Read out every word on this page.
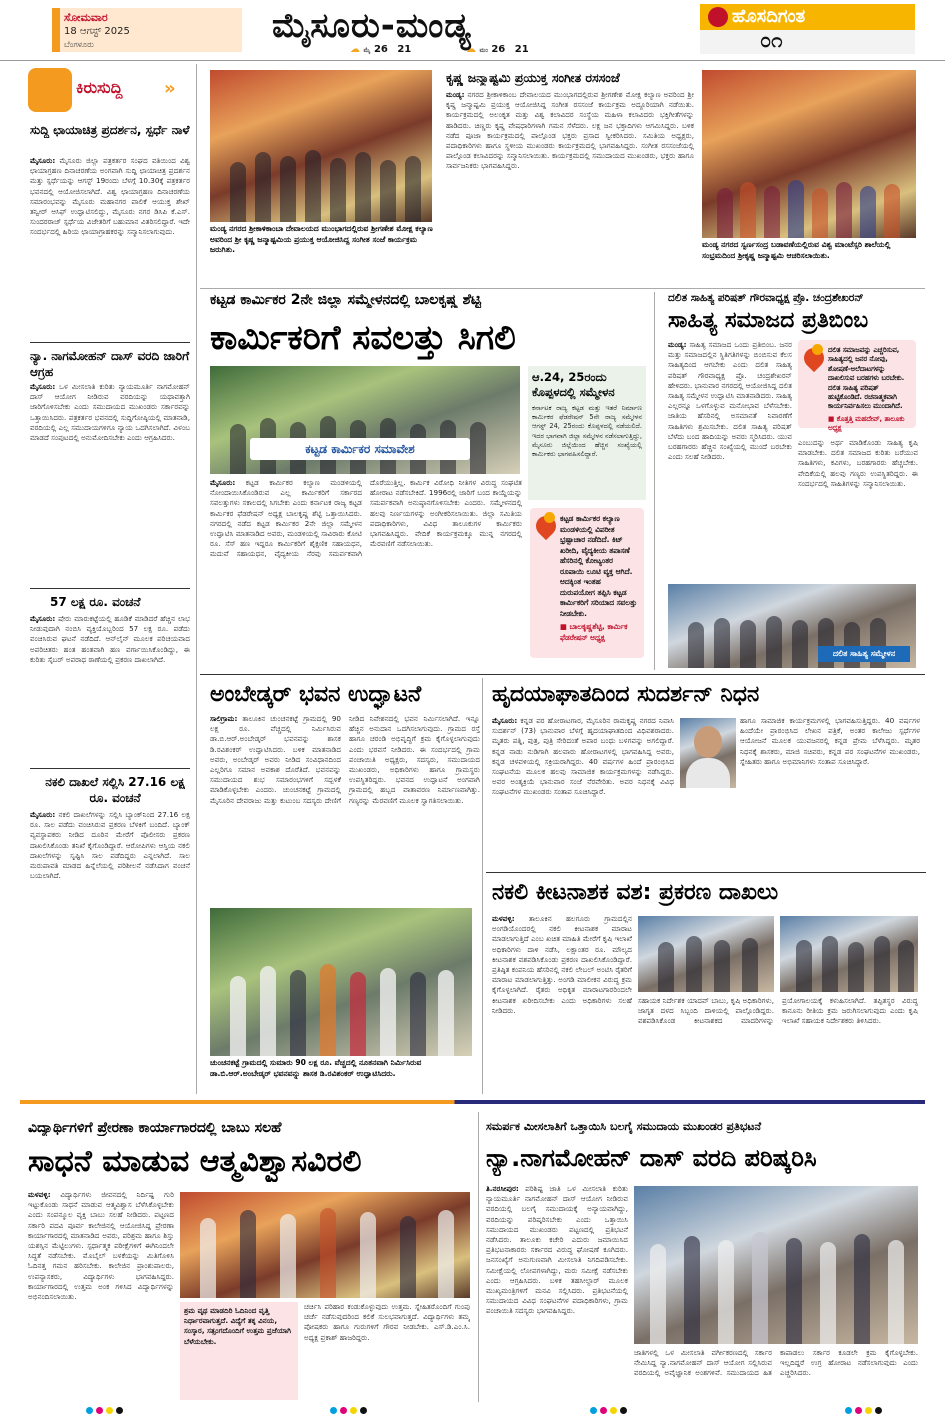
ಸೋಮವಾರ
18 ಆಗಸ್ಟ್ 2025
ಬೆಂಗಳೂರು	ಮೈಸೂರು-ಮಂಡ್ಯ
☁ ಮೈ 26 21	☁ ಮಂ 26 21
ಹೊಸದಿಗಂತ
೦೧
ಕಿರುಸುದ್ದಿ »
ಸುದ್ದಿ ಛಾಯಾಚಿತ್ರ ಪ್ರದರ್ಶನ, ಸ್ಪರ್ಧೆ ನಾಳೆ
ಮೈಸೂರು: ಮೈಸೂರು ಜಿಲ್ಲಾ ಪತ್ರಕರ್ತರ ಸಂಘದ ವತಿಯಿಂದ ವಿಶ್ವ ಛಾಯಾಗ್ರಹಣ ದಿನಾಚರಣೆಯ ಅಂಗವಾಗಿ ಸುದ್ದಿ ಛಾಯಾಚಿತ್ರ ಪ್ರದರ್ಶನ ಮತ್ತು ಸ್ಪರ್ಧೆಯನ್ನು ಆಗಸ್ಟ್ 19ರಂದು ಬೆಳಗ್ಗೆ 10.30ಕ್ಕೆ ಪತ್ರಕರ್ತರ ಭವನದಲ್ಲಿ ಆಯೋಜಿಸಲಾಗಿದೆ. ವಿಶ್ವ ಛಾಯಾಗ್ರಹಣ ದಿನಾಚರಣೆಯ ಸಮಾರಂಭವನ್ನು ಮೈಸೂರು ಮಹಾನಗರ ಪಾಲಿಕೆ ಆಯುಕ್ತ ಶೇಖ್ ತನ್ವೀರ್ ಆಸಿಫ್ ಉದ್ಘಾಟಿಸಲಿದ್ದು, ಮೈಸೂರು ನಗರ ಡಿಸಿಪಿ ಕೆ.ಎಸ್. ಸುಂದರರಾಜ್ ಸ್ಪರ್ಧೆಯ ವಿಜೇತರಿಗೆ ಬಹುಮಾನ ವಿತರಿಸಲಿದ್ದಾರೆ. ಇದೇ ಸಂದರ್ಭದಲ್ಲಿ ಹಿರಿಯ ಛಾಯಾಗ್ರಾಹಕರನ್ನು ಸನ್ಮಾನಿಸಲಾಗುವುದು.
ನ್ಯಾ. ನಾಗಮೋಹನ್ ದಾಸ್ ವರದಿ ಜಾರಿಗೆ ಆಗ್ರಹ
ಮೈಸೂರು: ಒಳ ಮೀಸಲಾತಿ ಕುರಿತು ನ್ಯಾಯಮೂರ್ತಿ ನಾಗಮೋಹನ್ ದಾಸ್ ಆಯೋಗ ನೀಡಿರುವ ವರದಿಯನ್ನು ಯಥಾವತ್ತಾಗಿ ಜಾರಿಗೊಳಿಸಬೇಕು ಎಂದು ಸಮುದಾಯದ ಮುಖಂಡರು ಸರ್ಕಾರವನ್ನು ಒತ್ತಾಯಿಸಿದರು. ಪತ್ರಕರ್ತರ ಭವನದಲ್ಲಿ ಸುದ್ದಿಗೋಷ್ಠಿಯಲ್ಲಿ ಮಾತನಾಡಿ, ವರದಿಯಲ್ಲಿ ಎಲ್ಲ ಸಮುದಾಯಗಳಿಗೂ ನ್ಯಾಯ ಒದಗಿಸಲಾಗಿದೆ. ವಿಳಂಬ ಮಾಡದೆ ಸಂಪುಟದಲ್ಲಿ ಅನುಮೋದಿಸಬೇಕು ಎಂದು ಆಗ್ರಹಿಸಿದರು.
57 ಲಕ್ಷ ರೂ. ವಂಚನೆ
ಮೈಸೂರು: ಷೇರು ಮಾರುಕಟ್ಟೆಯಲ್ಲಿ ಹೂಡಿಕೆ ಮಾಡಿದರೆ ಹೆಚ್ಚಿನ ಲಾಭ ನೀಡುವುದಾಗಿ ನಂಬಿಸಿ ವ್ಯಕ್ತಿಯೊಬ್ಬರಿಂದ 57 ಲಕ್ಷ ರೂ. ಪಡೆದು ವಂಚಿಸಿರುವ ಘಟನೆ ನಡೆದಿದೆ. ಆನ್‌ಲೈನ್ ಮೂಲಕ ಪರಿಚಯವಾದ ಅಪರಿಚಿತರು ಹಂತ ಹಂತವಾಗಿ ಹಣ ವರ್ಗಾಯಿಸಿಕೊಂಡಿದ್ದು, ಈ ಕುರಿತು ಸೈಬರ್ ಅಪರಾಧ ಠಾಣೆಯಲ್ಲಿ ಪ್ರಕರಣ ದಾಖಲಾಗಿದೆ.
ನಕಲಿ ದಾಖಲೆ ಸಲ್ಲಿಸಿ 27.16 ಲಕ್ಷ ರೂ. ವಂಚನೆ
ಮೈಸೂರು: ನಕಲಿ ದಾಖಲೆಗಳನ್ನು ಸಲ್ಲಿಸಿ ಬ್ಯಾಂಕ್‌ನಿಂದ 27.16 ಲಕ್ಷ ರೂ. ಸಾಲ ಪಡೆದು ವಂಚಿಸಿರುವ ಪ್ರಕರಣ ಬೆಳಕಿಗೆ ಬಂದಿದೆ. ಬ್ಯಾಂಕ್ ವ್ಯವಸ್ಥಾಪಕರು ನೀಡಿದ ದೂರಿನ ಮೇರೆಗೆ ಪೊಲೀಸರು ಪ್ರಕರಣ ದಾಖಲಿಸಿಕೊಂಡು ತನಿಖೆ ಕೈಗೊಂಡಿದ್ದಾರೆ. ಆರೋಪಿಗಳು ಆಸ್ತಿಯ ನಕಲಿ ದಾಖಲೆಗಳನ್ನು ಸೃಷ್ಟಿಸಿ ಸಾಲ ಪಡೆದಿದ್ದರು ಎನ್ನಲಾಗಿದೆ. ಸಾಲ ಮರುಪಾವತಿ ಮಾಡದ ಹಿನ್ನೆಲೆಯಲ್ಲಿ ಪರಿಶೀಲನೆ ನಡೆಸಿದಾಗ ವಂಚನೆ ಬಯಲಾಗಿದೆ.
ಮಂಡ್ಯ ನಗರದ ಶ್ರೀಕಾಳಿಕಾಂಬಾ ದೇವಾಲಯದ ಮುಂಭಾಗದಲ್ಲಿರುವ ಶ್ರೀಗಣೇಶ ಮೋಕ್ಷ ಕಲ್ಯಾಣ ಅವರಿಂದ ಶ್ರೀ ಕೃಷ್ಣ ಜನ್ಮಾಷ್ಟಮಿಯ ಪ್ರಯುಕ್ತ ಆಯೋಜಿಸಿದ್ದ ಸಂಗೀತ ಸಂಜೆ ಕಾರ್ಯಕ್ರಮ ಜರುಗಿತು.
ಕೃಷ್ಣ ಜನ್ಮಾಷ್ಟಮಿ ಪ್ರಯುಕ್ತ ಸಂಗೀತ ರಸಸಂಜೆ
ಮಂಡ್ಯ: ನಗರದ ಶ್ರೀಕಾಳಿಕಾಂಬ ದೇವಾಲಯದ ಮುಂಭಾಗದಲ್ಲಿರುವ ಶ್ರೀಗಣೇಶ ಮೋಕ್ಷ ಕಲ್ಯಾಣ ಅವರಿಂದ ಶ್ರೀ ಕೃಷ್ಣ ಜನ್ಮಾಷ್ಟಮಿ ಪ್ರಯುಕ್ತ ಆಯೋಜಿಸಿದ್ದ ಸಂಗೀತ ರಸಸಂಜೆ ಕಾರ್ಯಕ್ರಮ ಅದ್ದೂರಿಯಾಗಿ ನಡೆಯಿತು. ಕಾರ್ಯಕ್ರಮದಲ್ಲಿ ಅಲಂಕೃತ ಮತ್ತು ವಿಶ್ವ ಕಲಾವಿದರ ಸಂಸ್ಥೆಯ ಮಹಿಳಾ ಕಲಾವಿದರು ಭಕ್ತಿಗೀತೆಗಳನ್ನು ಹಾಡಿದರು. ಚಿಣ್ಣರು ಕೃಷ್ಣ ವೇಷಧಾರಿಗಳಾಗಿ ಗಮನ ಸೆಳೆದರು. ಲಕ್ಷ ಜನ ಭಕ್ತಾದಿಗಳು ಆಗಮಿಸಿದ್ದರು. ಬಳಿಕ ನಡೆದ ಪೂಜಾ ಕಾರ್ಯಕ್ರಮದಲ್ಲಿ ಪಾಲ್ಗೊಂಡ ಭಕ್ತರು ಪ್ರಸಾದ ಸ್ವೀಕರಿಸಿದರು. ಸಮಿತಿಯ ಅಧ್ಯಕ್ಷರು, ಪದಾಧಿಕಾರಿಗಳು ಹಾಗೂ ಸ್ಥಳೀಯ ಮುಖಂಡರು ಕಾರ್ಯಕ್ರಮದಲ್ಲಿ ಭಾಗವಹಿಸಿದ್ದರು. ಸಂಗೀತ ರಸಸಂಜೆಯಲ್ಲಿ ಪಾಲ್ಗೊಂಡ ಕಲಾವಿದರನ್ನು ಸನ್ಮಾನಿಸಲಾಯಿತು. ಕಾರ್ಯಕ್ರಮದಲ್ಲಿ ಸಮುದಾಯದ ಮುಖಂಡರು, ಭಕ್ತರು ಹಾಗೂ ಸಾರ್ವಜನಿಕರು ಭಾಗವಹಿಸಿದ್ದರು.
ಮಂಡ್ಯ ನಗರದ ಸ್ವರ್ಣಸಂದ್ರ ಬಡಾವಣೆಯಲ್ಲಿರುವ ವಿಶ್ವ ಮಾಂಟೆಸ್ಸರಿ ಶಾಲೆಯಲ್ಲಿ ಸಂಭ್ರಮದಿಂದ ಶ್ರೀಕೃಷ್ಣ ಜನ್ಮಾಷ್ಟಮಿ ಆಚರಿಸಲಾಯಿತು.
ಕಟ್ಟಡ ಕಾರ್ಮಿಕರ 2ನೇ ಜಿಲ್ಲಾ ಸಮ್ಮೇಳನದಲ್ಲಿ ಬಾಲಕೃಷ್ಣ ಶೆಟ್ಟಿ
ಕಾರ್ಮಿಕರಿಗೆ ಸವಲತ್ತು ಸಿಗಲಿ
ಕಟ್ಟಡ ಕಾರ್ಮಿಕರ ಸಮಾವೇಶ
ಆ.24, 25ರಂದು ಕೊಪ್ಪಳದಲ್ಲಿ ಸಮ್ಮೇಳನ
ಕರ್ನಾಟಕ ರಾಜ್ಯ ಕಟ್ಟಡ ಮತ್ತು ಇತರೆ ನಿರ್ಮಾಣ ಕಾರ್ಮಿಕರ ಫೆಡರೇಷನ್ 5ನೇ ರಾಜ್ಯ ಸಮ್ಮೇಳನ ಆಗಸ್ಟ್ 24, 25ರಂದು ಕೊಪ್ಪಳದಲ್ಲಿ ನಡೆಯಲಿದೆ. ಇದರ ಭಾಗವಾಗಿ ಜಿಲ್ಲಾ ಸಮ್ಮೇಳನ ನಡೆಸಲಾಗುತ್ತಿದ್ದು, ಮೈಸೂರು ಜಿಲ್ಲೆಯಿಂದ ಹೆಚ್ಚಿನ ಸಂಖ್ಯೆಯಲ್ಲಿ ಕಾರ್ಮಿಕರು ಭಾಗವಹಿಸಲಿದ್ದಾರೆ.
ಮೈಸೂರು: ಕಟ್ಟಡ ಕಾರ್ಮಿಕರ ಕಲ್ಯಾಣ ಮಂಡಳಿಯಲ್ಲಿ ನೋಂದಾಯಿಸಿಕೊಂಡಿರುವ ಎಲ್ಲ ಕಾರ್ಮಿಕರಿಗೆ ಸರ್ಕಾರದ ಸವಲತ್ತುಗಳು ಸಕಾಲದಲ್ಲಿ ಸಿಗಬೇಕು ಎಂದು ಕರ್ನಾಟಕ ರಾಜ್ಯ ಕಟ್ಟಡ ಕಾರ್ಮಿಕರ ಫೆಡರೇಷನ್ ಅಧ್ಯಕ್ಷ ಬಾಲಕೃಷ್ಣ ಶೆಟ್ಟಿ ಒತ್ತಾಯಿಸಿದರು. ನಗರದಲ್ಲಿ ನಡೆದ ಕಟ್ಟಡ ಕಾರ್ಮಿಕರ 2ನೇ ಜಿಲ್ಲಾ ಸಮ್ಮೇಳನ ಉದ್ಘಾಟಿಸಿ ಮಾತನಾಡಿದ ಅವರು, ಮಂಡಳಿಯಲ್ಲಿ ಸಾವಿರಾರು ಕೋಟಿ ರೂ. ಸೆಸ್ ಹಣ ಇದ್ದರೂ ಕಾರ್ಮಿಕರಿಗೆ ಶೈಕ್ಷಣಿಕ ಸಹಾಯಧನ, ಮದುವೆ ಸಹಾಯಧನ, ವೈದ್ಯಕೀಯ ನೆರವು ಸಮರ್ಪಕವಾಗಿ ದೊರೆಯುತ್ತಿಲ್ಲ. ಕಾರ್ಮಿಕ ವಿರೋಧಿ ನೀತಿಗಳ ವಿರುದ್ಧ ಸಂಘಟಿತ ಹೋರಾಟ ನಡೆಸಬೇಕಿದೆ. 1996ರಲ್ಲಿ ಜಾರಿಗೆ ಬಂದ ಕಾಯ್ದೆಯನ್ನು ಸಮರ್ಪಕವಾಗಿ ಅನುಷ್ಠಾನಗೊಳಿಸಬೇಕು ಎಂದರು. ಸಮ್ಮೇಳನದಲ್ಲಿ ಹಲವು ನಿರ್ಣಯಗಳನ್ನು ಅಂಗೀಕರಿಸಲಾಯಿತು. ಜಿಲ್ಲಾ ಸಮಿತಿಯ ಪದಾಧಿಕಾರಿಗಳು, ವಿವಿಧ ತಾಲೂಕುಗಳ ಕಾರ್ಮಿಕರು ಭಾಗವಹಿಸಿದ್ದರು. ವೇದಿಕೆ ಕಾರ್ಯಕ್ರಮಕ್ಕೂ ಮುನ್ನ ನಗರದಲ್ಲಿ ಮೆರವಣಿಗೆ ನಡೆಸಲಾಯಿತು.
ಕಟ್ಟಡ ಕಾರ್ಮಿಕರ ಕಲ್ಯಾಣ ಮಂಡಳಿಯಲ್ಲಿ ವಿಪರೀತ ಭ್ರಷ್ಟಾಚಾರ ನಡೆದಿದೆ. ಕಿಟ್ ಖರೀದಿ, ವೈದ್ಯಕೀಯ ತಪಾಸಣೆ ಹೆಸರಿನಲ್ಲಿ ಕೋಟ್ಯಂತರ ರೂಪಾಯಿ ಲೂಟಿ ವ್ಯಕ್ತ ಆಗಿದೆ. ಅದಕ್ಕಿಂತ ಇಂತಹ ದುರುಪಯೋಗ ತಪ್ಪಿಸಿ ಕಟ್ಟಡ ಕಾರ್ಮಿಕರಿಗೆ ಸರಿಯಾದ ಸವಲತ್ತು ನೀಡಬೇಕು.
■ ಬಾಲಕೃಷ್ಣಶೆಟ್ಟಿ, ಕಾರ್ಮಿಕ ಫೆಡರೇಷನ್ ಅಧ್ಯಕ್ಷ
ದಲಿತ ಸಾಹಿತ್ಯ ಪರಿಷತ್ ಗೌರವಾಧ್ಯಕ್ಷ ಪ್ರೊ. ಚಂದ್ರಶೇಖರನ್
ಸಾಹಿತ್ಯ ಸಮಾಜದ ಪ್ರತಿಬಿಂಬ
ಮಂಡ್ಯ: ಸಾಹಿತ್ಯ ಸಮಾಜದ ಒಂದು ಪ್ರತಿಬಿಂಬ. ಜನರ ಮತ್ತು ಸಮಾಜದಲ್ಲಿನ ಸ್ಥಿತಿಗತಿಗಳನ್ನು ಬಿಂಬಿಸುವ ಕೆಲಸ ಸಾಹಿತ್ಯದಿಂದ ಆಗಬೇಕು ಎಂದು ದಲಿತ ಸಾಹಿತ್ಯ ಪರಿಷತ್ ಗೌರವಾಧ್ಯಕ್ಷ ಪ್ರೊ. ಚಂದ್ರಶೇಖರನ್ ಹೇಳಿದರು. ಭಾನುವಾರ ನಗರದಲ್ಲಿ ಆಯೋಜಿಸಿದ್ದ ದಲಿತ ಸಾಹಿತ್ಯ ಸಮ್ಮೇಳನ ಉದ್ಘಾಟಿಸಿ ಮಾತನಾಡಿದರು. ಸಾಹಿತ್ಯ ಎಲ್ಲರನ್ನೂ ಒಳಗೊಳ್ಳುವ ಮನೋಭಾವ ಬೆಳೆಸಬೇಕು. ಜಾತಿಯ ಹೆಸರಿನಲ್ಲಿ ಅಸಮಾನತೆ ನಿವಾರಣೆಗೆ ಸಾಹಿತಿಗಳು ಶ್ರಮಿಸಬೇಕು. ದಲಿತ ಸಾಹಿತ್ಯ ಪರಿಷತ್ ಬೆಳೆದು ಬಂದ ಹಾದಿಯನ್ನು ಅವರು ಸ್ಮರಿಸಿದರು. ಯುವ ಬರಹಗಾರರು ಹೆಚ್ಚಿನ ಸಂಖ್ಯೆಯಲ್ಲಿ ಮುಂದೆ ಬರಬೇಕು ಎಂದು ಸಲಹೆ ನೀಡಿದರು.
ದಲಿತ ಸಮಾಜವನ್ನು ಎಚ್ಚರಿಸುವ, ಸಾಹಿತ್ಯದಲ್ಲಿ ಜನರ ನೋವು, ಶೋಷಣೆ-ಅಲೆದಾಟಗಳನ್ನು ದಾಖಲಿಸುವ ಬರಹಗಳು ಬರಬೇಕು. ದಲಿತ ಸಾಹಿತ್ಯ ಪರಿಷತ್ ಹುಟ್ಟಿಕೊಂಡಿದೆ. ರಚನಾತ್ಮಕವಾಗಿ ಕಾರ್ಯನಿರ್ವಹಿಸಲು ಮುಂದಾಗಿದೆ.
■ ಕೊತ್ತತ್ತಿ ಮಹದೇವ್, ತಾಲೂಕು ಅಧ್ಯಕ್ಷ
ಎಂಬುದನ್ನು ಅರ್ಥ ಮಾಡಿಕೊಂಡು ಸಾಹಿತ್ಯ ಕೃಷಿ ಮಾಡಬೇಕು. ದಲಿತ ಸಮಾಜದ ಕುರಿತು ಬರೆಯುವ ಸಾಹಿತಿಗಳು, ಕವಿಗಳು, ಬರಹಗಾರರು ಹೆಚ್ಚಬೇಕು. ವೇದಿಕೆಯಲ್ಲಿ ಹಲವು ಗಣ್ಯರು ಉಪಸ್ಥಿತರಿದ್ದರು. ಈ ಸಂದರ್ಭದಲ್ಲಿ ಸಾಹಿತಿಗಳನ್ನು ಸನ್ಮಾನಿಸಲಾಯಿತು.
ದಲಿತ ಸಾಹಿತ್ಯ ಸಮ್ಮೇಳನ
ಅಂಬೇಡ್ಕರ್ ಭವನ ಉದ್ಘಾಟನೆ
ಸಾಲಿಗ್ರಾಮ: ತಾಲೂಕಿನ ಚುಂಚನಕಟ್ಟೆ ಗ್ರಾಮದಲ್ಲಿ 90 ಲಕ್ಷ ರೂ. ವೆಚ್ಚದಲ್ಲಿ ನಿರ್ಮಿಸಿರುವ ಡಾ.ಬಿ.ಆರ್.ಅಂಬೇಡ್ಕರ್ ಭವನವನ್ನು ಶಾಸಕ ಡಿ.ರವಿಶಂಕರ್ ಉದ್ಘಾಟಿಸಿದರು. ಬಳಿಕ ಮಾತನಾಡಿದ ಅವರು, ಅಂಬೇಡ್ಕರ್ ಅವರು ನೀಡಿದ ಸಂವಿಧಾನದಿಂದ ಎಲ್ಲರಿಗೂ ಸಮಾನ ಅವಕಾಶ ದೊರೆತಿದೆ. ಭವನವನ್ನು ಸಮುದಾಯದ ಶುಭ ಸಮಾರಂಭಗಳಿಗೆ ಸದ್ಬಳಕೆ ಮಾಡಿಕೊಳ್ಳಬೇಕು ಎಂದರು. ಚುಂಚನಕಟ್ಟೆ ಗ್ರಾಮದಲ್ಲಿ ಮೈಸೂರಿನ ದೇವರಾಜು ಮತ್ತು ಕುಟುಂಬ ಸದಸ್ಯರು ದೇಣಿಗೆ ನೀಡಿದ ನಿವೇಶನದಲ್ಲಿ ಭವನ ನಿರ್ಮಿಸಲಾಗಿದೆ. ಇನ್ನೂ ಹೆಚ್ಚಿನ ಅನುದಾನ ಒದಗಿಸಲಾಗುವುದು. ಗ್ರಾಮದ ರಸ್ತೆ ಹಾಗೂ ಚರಂಡಿ ಅಭಿವೃದ್ಧಿಗೆ ಕ್ರಮ ಕೈಗೊಳ್ಳಲಾಗುವುದು ಎಂದು ಭರವಸೆ ನೀಡಿದರು. ಈ ಸಂದರ್ಭದಲ್ಲಿ ಗ್ರಾಮ ಪಂಚಾಯಿತಿ ಅಧ್ಯಕ್ಷರು, ಸದಸ್ಯರು, ಸಮುದಾಯದ ಮುಖಂಡರು, ಅಧಿಕಾರಿಗಳು ಹಾಗೂ ಗ್ರಾಮಸ್ಥರು ಉಪಸ್ಥಿತರಿದ್ದರು. ಭವನದ ಉದ್ಘಾಟನೆ ಅಂಗವಾಗಿ ಗ್ರಾಮದಲ್ಲಿ ಹಬ್ಬದ ವಾತಾವರಣ ನಿರ್ಮಾಣವಾಗಿತ್ತು. ಗಣ್ಯರನ್ನು ಮೆರವಣಿಗೆ ಮೂಲಕ ಸ್ವಾಗತಿಸಲಾಯಿತು.
ಚುಂಚನಕಟ್ಟೆ ಗ್ರಾಮದಲ್ಲಿ ಸುಮಾರು 90 ಲಕ್ಷ ರೂ. ವೆಚ್ಚದಲ್ಲಿ ನೂತನವಾಗಿ ನಿರ್ಮಿಸಿರುವ ಡಾ.ಬಿ.ಆರ್.ಅಂಬೇಡ್ಕರ್ ಭವನವನ್ನು ಶಾಸಕ ಡಿ.ರವಿಶಂಕರ್ ಉದ್ಘಾಟಿಸಿದರು.
ಹೃದಯಾಘಾತದಿಂದ ಸುದರ್ಶನ್ ನಿಧನ
ಮೈಸೂರು: ಕನ್ನಡ ಪರ ಹೋರಾಟಗಾರ, ಮೈಸೂರಿನ ರಾಮಕೃಷ್ಣ ನಗರದ ನಿವಾಸಿ ಸುದರ್ಶನ್ (73) ಭಾನುವಾರ ಬೆಳಗ್ಗೆ ಹೃದಯಾಘಾತದಿಂದ ವಿಧಿವಶರಾದರು. ಮೃತರು ಪತ್ನಿ, ಪುತ್ರ, ಪುತ್ರಿ ಸೇರಿದಂತೆ ಅಪಾರ ಬಂಧು ಬಳಗವನ್ನು ಅಗಲಿದ್ದಾರೆ. ಕನ್ನಡ ನಾಡು ನುಡಿಗಾಗಿ ಹಲವಾರು ಹೋರಾಟಗಳಲ್ಲಿ ಭಾಗವಹಿಸಿದ್ದ ಅವರು, ಕನ್ನಡ ಚಳವಳಿಯಲ್ಲಿ ಸಕ್ರಿಯರಾಗಿದ್ದರು. 40 ವರ್ಷಗಳ ಹಿಂದೆ ಪ್ರಾರಂಭಿಸಿದ ಸಂಘಟನೆಯ ಮೂಲಕ ಹಲವು ಸಾಮಾಜಿಕ ಕಾರ್ಯಕ್ರಮಗಳನ್ನು ನಡೆಸಿದ್ದರು. ಅವರ ಅಂತ್ಯಕ್ರಿಯೆ ಭಾನುವಾರ ಸಂಜೆ ನೆರವೇರಿತು. ಅವರ ನಿಧನಕ್ಕೆ ವಿವಿಧ ಸಂಘಟನೆಗಳ ಮುಖಂಡರು ಸಂತಾಪ ಸೂಚಿಸಿದ್ದಾರೆ.
ಹಾಗೂ ಸಾಮಾಜಿಕ ಕಾರ್ಯಕ್ರಮಗಳಲ್ಲಿ ಭಾಗವಹಿಸುತ್ತಿದ್ದರು. 40 ವರ್ಷಗಳ ಹಿಂದೆಯೇ ಪ್ರಾರಂಭಿಸಿದ ಲೇಖನ ಪತ್ರಿಕೆ, ಅಂತರ ಕಾಲೇಜು ಸ್ಪರ್ಧೆಗಳ ಆಯೋಜನೆ ಮೂಲಕ ಯುವಜನರಲ್ಲಿ ಕನ್ನಡ ಪ್ರೇಮ ಬೆಳೆಸಿದ್ದರು. ಮೃತರ ನಿಧನಕ್ಕೆ ಶಾಸಕರು, ಮಾಜಿ ಸಚಿವರು, ಕನ್ನಡ ಪರ ಸಂಘಟನೆಗಳ ಮುಖಂಡರು, ಸ್ನೇಹಿತರು ಹಾಗೂ ಅಭಿಮಾನಿಗಳು ಸಂತಾಪ ಸೂಚಿಸಿದ್ದಾರೆ.
ನಕಲಿ ಕೀಟನಾಶಕ ವಶ: ಪ್ರಕರಣ ದಾಖಲು
ಮಳವಳ್ಳಿ: ತಾಲೂಕಿನ ಹಲಗೂರು ಗ್ರಾಮದಲ್ಲಿನ ಅಂಗಡಿಯೊಂದರಲ್ಲಿ ನಕಲಿ ಕೀಟನಾಶಕ ಮಾರಾಟ ಮಾಡಲಾಗುತ್ತಿದೆ ಎಂಬ ಖಚಿತ ಮಾಹಿತಿ ಮೇರೆಗೆ ಕೃಷಿ ಇಲಾಖೆ ಅಧಿಕಾರಿಗಳು ದಾಳಿ ನಡೆಸಿ, ಲಕ್ಷಾಂತರ ರೂ. ಮೌಲ್ಯದ ಕೀಟನಾಶಕ ವಶಪಡಿಸಿಕೊಂಡು ಪ್ರಕರಣ ದಾಖಲಿಸಿಕೊಂಡಿದ್ದಾರೆ. ಪ್ರತಿಷ್ಠಿತ ಕಂಪನಿಯ ಹೆಸರಿನಲ್ಲಿ ನಕಲಿ ಲೇಬಲ್ ಅಂಟಿಸಿ ರೈತರಿಗೆ ಮಾರಾಟ ಮಾಡಲಾಗುತ್ತಿತ್ತು. ಅಂಗಡಿ ಮಾಲೀಕನ ವಿರುದ್ಧ ಕ್ರಮ ಕೈಗೊಳ್ಳಲಾಗಿದೆ. ರೈತರು ಅಧಿಕೃತ ಮಾರಾಟಗಾರರಿಂದಲೇ ಕೀಟನಾಶಕ ಖರೀದಿಸಬೇಕು ಎಂದು ಅಧಿಕಾರಿಗಳು ಸಲಹೆ ನೀಡಿದರು.
ಸಹಾಯಕ ನಿರ್ದೇಶಕ ಯಾದವ್ ಬಾಬು, ಕೃಷಿ ಅಧಿಕಾರಿಗಳು, ಜಾಗೃತ ದಳದ ಸಿಬ್ಬಂದಿ ದಾಳಿಯಲ್ಲಿ ಪಾಲ್ಗೊಂಡಿದ್ದರು. ವಶಪಡಿಸಿಕೊಂಡ ಕೀಟನಾಶಕದ ಮಾದರಿಗಳನ್ನು ಪ್ರಯೋಗಾಲಯಕ್ಕೆ ಕಳುಹಿಸಲಾಗಿದೆ. ತಪ್ಪಿತಸ್ಥರ ವಿರುದ್ಧ ಕಾನೂನು ರೀತಿಯ ಕ್ರಮ ಜರುಗಿಸಲಾಗುವುದು ಎಂದು ಕೃಷಿ ಇಲಾಖೆ ಸಹಾಯಕ ನಿರ್ದೇಶಕರು ತಿಳಿಸಿದರು.
ವಿದ್ಯಾರ್ಥಿಗಳಿಗೆ ಪ್ರೇರಣಾ ಕಾರ್ಯಾಗಾರದಲ್ಲಿ ಬಾಬು ಸಲಹೆ
ಸಾಧನೆ ಮಾಡುವ ಆತ್ಮವಿಶ್ವಾಸವಿರಲಿ
ಮಳವಳ್ಳಿ: ವಿದ್ಯಾರ್ಥಿಗಳು ಜೀವನದಲ್ಲಿ ನಿರ್ದಿಷ್ಟ ಗುರಿ ಇಟ್ಟುಕೊಂಡು ಸಾಧನೆ ಮಾಡುವ ಆತ್ಮವಿಶ್ವಾಸ ಬೆಳೆಸಿಕೊಳ್ಳಬೇಕು ಎಂದು ಸಂಪನ್ಮೂಲ ವ್ಯಕ್ತಿ ಬಾಬು ಸಲಹೆ ನೀಡಿದರು. ಪಟ್ಟಣದ ಸರ್ಕಾರಿ ಪದವಿ ಪೂರ್ವ ಕಾಲೇಜಿನಲ್ಲಿ ಆಯೋಜಿಸಿದ್ದ ಪ್ರೇರಣಾ ಕಾರ್ಯಾಗಾರದಲ್ಲಿ ಮಾತನಾಡಿದ ಅವರು, ಪರಿಶ್ರಮ ಹಾಗೂ ಶಿಸ್ತು ಯಶಸ್ಸಿನ ಮೆಟ್ಟಿಲುಗಳು. ಸ್ಪರ್ಧಾತ್ಮಕ ಪರೀಕ್ಷೆಗಳಿಗೆ ಈಗಿನಿಂದಲೇ ಸಿದ್ಧತೆ ನಡೆಸಬೇಕು. ಮೊಬೈಲ್ ಬಳಕೆಯನ್ನು ಮಿತಿಗೊಳಿಸಿ ಓದಿನತ್ತ ಗಮನ ಹರಿಸಬೇಕು. ಕಾಲೇಜಿನ ಪ್ರಾಂಶುಪಾಲರು, ಉಪನ್ಯಾಸಕರು, ವಿದ್ಯಾರ್ಥಿಗಳು ಭಾಗವಹಿಸಿದ್ದರು. ಕಾರ್ಯಾಗಾರದಲ್ಲಿ ಉತ್ತಮ ಅಂಕ ಗಳಿಸಿದ ವಿದ್ಯಾರ್ಥಿಗಳನ್ನು ಅಭಿನಂದಿಸಲಾಯಿತು.
ಶ್ರಮ ವೃಥ ಮಾಡದಿರಿ ಓದಿನಿಂದ ವೃತ್ತಿ ನಿರ್ಧಾರವಾಗುತ್ತದೆ. ವಿದ್ಯೆಗೆ ತಕ್ಕ ವಿನಯ, ಸಂಸ್ಕಾರ, ಸತ್ಸಂಗದೊಂದಿಗೆ ಉತ್ತಮ ಪ್ರಜೆಯಾಗಿ ಬೆಳೆಯಬೇಕು.
ಚರ್ಚಿಸಿ ಪರಿಹಾರ ಕಂಡುಕೊಳ್ಳುವುದು ಉತ್ತಮ. ಸ್ನೇಹಿತರೊಂದಿಗೆ ಗುಂಪು ಚರ್ಚೆ ನಡೆಸುವುದರಿಂದ ಕಲಿಕೆ ಸುಲಭವಾಗುತ್ತದೆ. ವಿದ್ಯಾರ್ಥಿಗಳು ತಮ್ಮ ಪೋಷಕರು ಹಾಗೂ ಗುರುಗಳಿಗೆ ಗೌರವ ನೀಡಬೇಕು. ಎಸ್.ಡಿ.ಎಂ.ಸಿ. ಅಧ್ಯಕ್ಷ ಪ್ರಕಾಶ್ ಹಾಜರಿದ್ದರು.
ಸಮರ್ಪಕ ಮೀಸಲಾತಿಗೆ ಒತ್ತಾಯಿಸಿ ಬಲಗೈ ಸಮುದಾಯ ಮುಖಂಡರ ಪ್ರತಿಭಟನೆ
ನ್ಯಾ.ನಾಗಮೋಹನ್ ದಾಸ್ ವರದಿ ಪರಿಷ್ಕರಿಸಿ
ತಿ.ನರಸೀಪುರ: ಪರಿಶಿಷ್ಟ ಜಾತಿ ಒಳ ಮೀಸಲಾತಿ ಕುರಿತು ನ್ಯಾಯಮೂರ್ತಿ ನಾಗಮೋಹನ್ ದಾಸ್ ಆಯೋಗ ನೀಡಿರುವ ವರದಿಯಲ್ಲಿ ಬಲಗೈ ಸಮುದಾಯಕ್ಕೆ ಅನ್ಯಾಯವಾಗಿದ್ದು, ವರದಿಯನ್ನು ಪರಿಷ್ಕರಿಸಬೇಕು ಎಂದು ಒತ್ತಾಯಿಸಿ ಸಮುದಾಯದ ಮುಖಂಡರು ಪಟ್ಟಣದಲ್ಲಿ ಪ್ರತಿಭಟನೆ ನಡೆಸಿದರು. ತಾಲೂಕು ಕಚೇರಿ ಎದುರು ಜಮಾಯಿಸಿದ ಪ್ರತಿಭಟನಾಕಾರರು ಸರ್ಕಾರದ ವಿರುದ್ಧ ಘೋಷಣೆ ಕೂಗಿದರು. ಜನಸಂಖ್ಯೆಗೆ ಅನುಗುಣವಾಗಿ ಮೀಸಲಾತಿ ನಿಗದಿಪಡಿಸಬೇಕು. ಸಮೀಕ್ಷೆಯಲ್ಲಿ ಲೋಪಗಳಾಗಿದ್ದು, ಮರು ಸಮೀಕ್ಷೆ ನಡೆಸಬೇಕು ಎಂದು ಆಗ್ರಹಿಸಿದರು. ಬಳಿಕ ತಹಸೀಲ್ದಾರ್ ಮೂಲಕ ಮುಖ್ಯಮಂತ್ರಿಗಳಿಗೆ ಮನವಿ ಸಲ್ಲಿಸಿದರು. ಪ್ರತಿಭಟನೆಯಲ್ಲಿ ಸಮುದಾಯದ ವಿವಿಧ ಸಂಘಟನೆಗಳ ಪದಾಧಿಕಾರಿಗಳು, ಗ್ರಾಮ ಪಂಚಾಯಿತಿ ಸದಸ್ಯರು ಭಾಗವಹಿಸಿದ್ದರು.
ಜಾತಿಗಳಲ್ಲಿ ಒಳ ಮೀಸಲಾತಿ ವರ್ಗೀಕರಣದಲ್ಲಿ ಸರ್ಕಾರ ನೇಮಿಸಿದ್ದ ನ್ಯಾ.ನಾಗಮೋಹನ್ ದಾಸ್ ಆಯೋಗ ಸಲ್ಲಿಸಿರುವ ವರದಿಯಲ್ಲಿ ಅವೈಜ್ಞಾನಿಕ ಅಂಶಗಳಿವೆ. ಸಮುದಾಯದ ಹಿತ ಕಾಪಾಡಲು ಸರ್ಕಾರ ಕೂಡಲೇ ಕ್ರಮ ಕೈಗೊಳ್ಳಬೇಕು. ಇಲ್ಲದಿದ್ದರೆ ಉಗ್ರ ಹೋರಾಟ ನಡೆಸಲಾಗುವುದು ಎಂದು ಎಚ್ಚರಿಸಿದರು.
